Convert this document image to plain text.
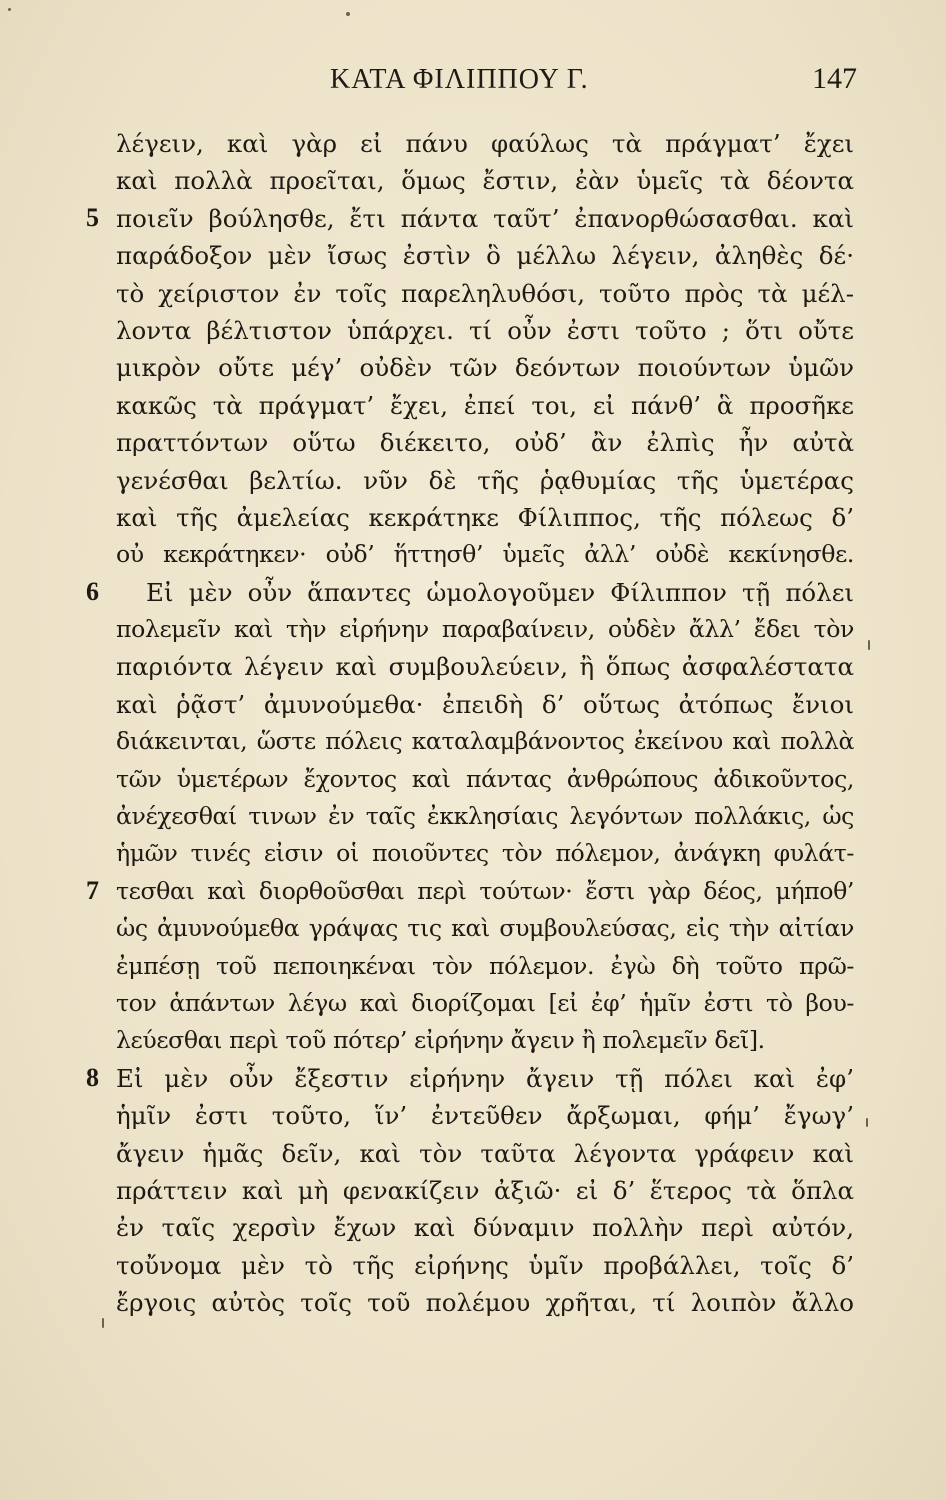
ΚΑΤΑ ΦΙΛΙΠΠΟΥ Γ.	147
5
6
7
8
λέγειν, καὶ γὰρ εἰ πάνυ φαύλως τὰ πράγματ’ ἔχει
καὶ πολλὰ προεῖται, ὅμως ἔστιν, ἐὰν ὑμεῖς τὰ δέοντα
ποιεῖν βούλησθε, ἔτι πάντα ταῦτ’ ἐπανορθώσασθαι. καὶ
παράδοξον μὲν ἴσως ἐστὶν ὃ μέλλω λέγειν, ἀληθὲς δέ·
τὸ χείριστον ἐν τοῖς παρεληλυθόσι, τοῦτο πρὸς τὰ μέλ-
λοντα βέλτιστον ὑπάρχει. τί οὖν ἐστι τοῦτο ; ὅτι οὔτε
μικρὸν οὔτε μέγ’ οὐδὲν τῶν δεόντων ποιούντων ὑμῶν
κακῶς τὰ πράγματ’ ἔχει, ἐπεί τοι, εἰ πάνθ’ ἃ προσῆκε
πραττόντων οὕτω διέκειτο, οὐδ’ ἂν ἐλπὶς ἦν αὐτὰ
γενέσθαι βελτίω. νῦν δὲ τῆς ῥᾳθυμίας τῆς ὑμετέρας
καὶ τῆς ἀμελείας κεκράτηκε Φίλιππος, τῆς πόλεως δ’
οὐ κεκράτηκεν· οὐδ’ ἥττησθ’ ὑμεῖς ἀλλ’ οὐδὲ κεκίνησθε.
Εἰ μὲν οὖν ἅπαντες ὡμολογοῦμεν Φίλιππον τῇ πόλει
πολεμεῖν καὶ τὴν εἰρήνην παραβαίνειν, οὐδὲν ἄλλ’ ἔδει τὸν
παριόντα λέγειν καὶ συμβουλεύειν, ἢ ὅπως ἀσφαλέστατα
καὶ ῥᾷστ’ ἀμυνούμεθα· ἐπειδὴ δ’ οὕτως ἀτόπως ἔνιοι
διάκεινται, ὥστε πόλεις καταλαμβάνοντος ἐκείνου καὶ πολλὰ
τῶν ὑμετέρων ἔχοντος καὶ πάντας ἀνθρώπους ἀδικοῦντος,
ἀνέχεσθαί τινων ἐν ταῖς ἐκκλησίαις λεγόντων πολλάκις, ὡς
ἡμῶν τινές εἰσιν οἱ ποιοῦντες τὸν πόλεμον, ἀνάγκη φυλάτ-
τεσθαι καὶ διορθοῦσθαι περὶ τούτων· ἔστι γὰρ δέος, μήποθ’
ὡς ἀμυνούμεθα γράψας τις καὶ συμβουλεύσας, εἰς τὴν αἰτίαν
ἐμπέσῃ τοῦ πεποιηκέναι τὸν πόλεμον. ἐγὼ δὴ τοῦτο πρῶ-
τον ἁπάντων λέγω καὶ διορίζομαι [εἰ ἐφ’ ἡμῖν ἐστι τὸ βου-
λεύεσθαι περὶ τοῦ πότερ’ εἰρήνην ἄγειν ἢ πολεμεῖν δεῖ].
Εἰ μὲν οὖν ἔξεστιν εἰρήνην ἄγειν τῇ πόλει καὶ ἐφ’
ἡμῖν ἐστι τοῦτο, ἵν’ ἐντεῦθεν ἄρξωμαι, φήμ’ ἔγωγ’
ἄγειν ἡμᾶς δεῖν, καὶ τὸν ταῦτα λέγοντα γράφειν καὶ
πράττειν καὶ μὴ φενακίζειν ἀξιῶ· εἰ δ’ ἕτερος τὰ ὅπλα
ἐν ταῖς χερσὶν ἔχων καὶ δύναμιν πολλὴν περὶ αὐτόν,
τοὔνομα μὲν τὸ τῆς εἰρήνης ὑμῖν προβάλλει, τοῖς δ’
ἔργοις αὐτὸς τοῖς τοῦ πολέμου χρῆται, τί λοιπὸν ἄλλο
